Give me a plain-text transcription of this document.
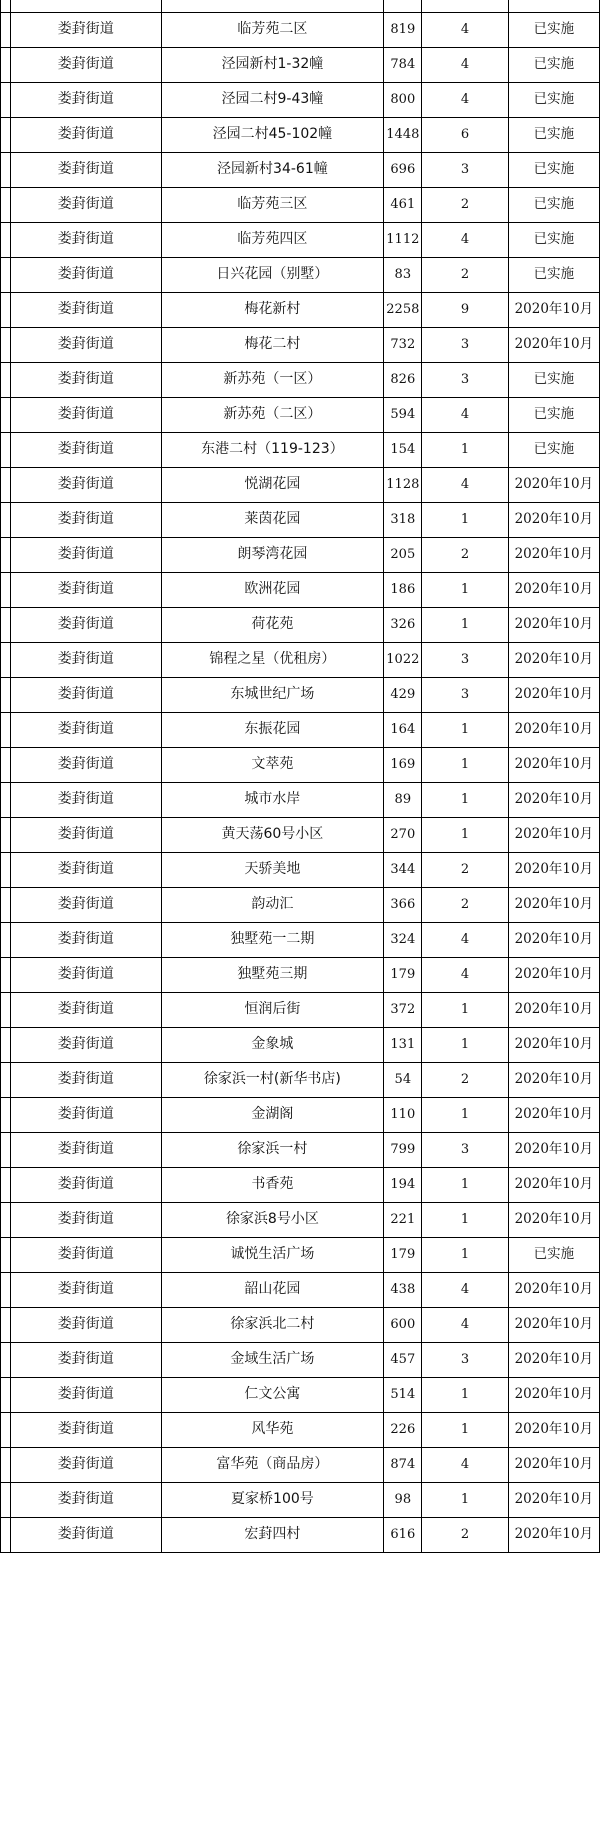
	娄葑街道	临芳苑二区	819	4	已实施
	娄葑街道	泾园新村1-32幢	784	4	已实施
	娄葑街道	泾园二村9-43幢	800	4	已实施
	娄葑街道	泾园二村45-102幢	1448	6	已实施
	娄葑街道	泾园新村34-61幢	696	3	已实施
	娄葑街道	临芳苑三区	461	2	已实施
	娄葑街道	临芳苑四区	1112	4	已实施
	娄葑街道	日兴花园（别墅）	83	2	已实施
	娄葑街道	梅花新村	2258	9	2020年10月
	娄葑街道	梅花二村	732	3	2020年10月
	娄葑街道	新苏苑（一区）	826	3	已实施
	娄葑街道	新苏苑（二区）	594	4	已实施
	娄葑街道	东港二村（119-123）	154	1	已实施
	娄葑街道	悦湖花园	1128	4	2020年10月
	娄葑街道	莱茵花园	318	1	2020年10月
	娄葑街道	朗琴湾花园	205	2	2020年10月
	娄葑街道	欧洲花园	186	1	2020年10月
	娄葑街道	荷花苑	326	1	2020年10月
	娄葑街道	锦程之星（优租房）	1022	3	2020年10月
	娄葑街道	东城世纪广场	429	3	2020年10月
	娄葑街道	东振花园	164	1	2020年10月
	娄葑街道	文萃苑	169	1	2020年10月
	娄葑街道	城市水岸	89	1	2020年10月
	娄葑街道	黄天荡60号小区	270	1	2020年10月
	娄葑街道	天骄美地	344	2	2020年10月
	娄葑街道	韵动汇	366	2	2020年10月
	娄葑街道	独墅苑一二期	324	4	2020年10月
	娄葑街道	独墅苑三期	179	4	2020年10月
	娄葑街道	恒润后街	372	1	2020年10月
	娄葑街道	金象城	131	1	2020年10月
	娄葑街道	徐家浜一村(新华书店)	54	2	2020年10月
	娄葑街道	金湖阁	110	1	2020年10月
	娄葑街道	徐家浜一村	799	3	2020年10月
	娄葑街道	书香苑	194	1	2020年10月
	娄葑街道	徐家浜8号小区	221	1	2020年10月
	娄葑街道	诚悦生活广场	179	1	已实施
	娄葑街道	韶山花园	438	4	2020年10月
	娄葑街道	徐家浜北二村	600	4	2020年10月
	娄葑街道	金域生活广场	457	3	2020年10月
	娄葑街道	仁文公寓	514	1	2020年10月
	娄葑街道	风华苑	226	1	2020年10月
	娄葑街道	富华苑（商品房）	874	4	2020年10月
	娄葑街道	夏家桥100号	98	1	2020年10月
	娄葑街道	宏葑四村	616	2	2020年10月
